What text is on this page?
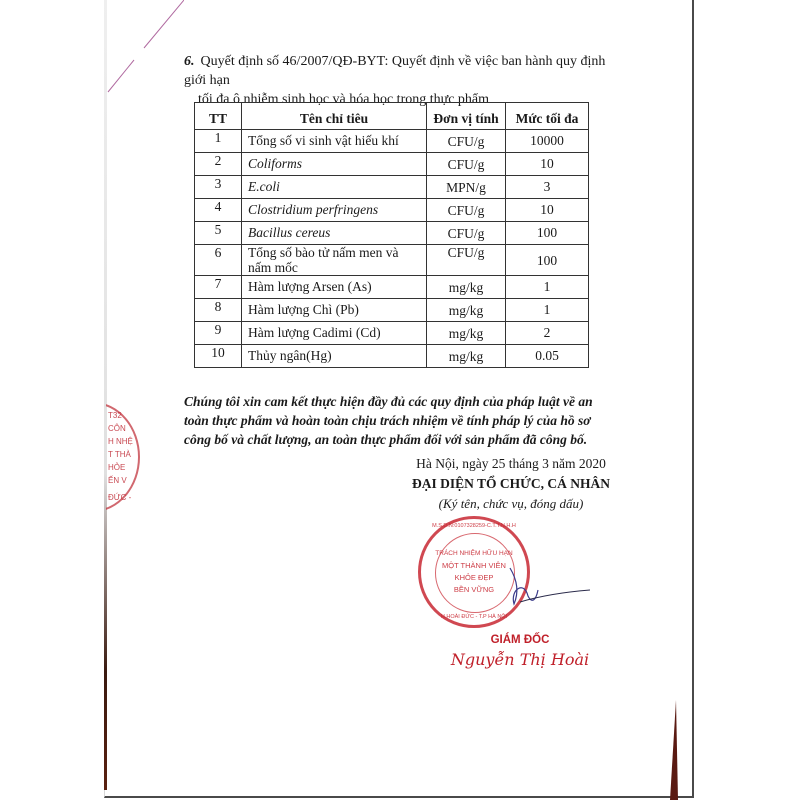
6. Quyết định số 46/2007/QĐ-BYT: Quyết định về việc ban hành quy định giới hạn
tối đa ô nhiễm sinh học và hóa học trong thực phẩm
TT	Tên chỉ tiêu	Đơn vị tính	Mức tối đa
1	Tổng số vi sinh vật hiếu khí	CFU/g	10000

2	Coliforms	CFU/g	10

3	E.coli	MPN/g	3

4	Clostridium perfringens	CFU/g	10

5	Bacillus cereus	CFU/g	100

6	Tổng số bào tử nấm men và nấm mốc	CFU/g	100

7	Hàm lượng Arsen (As)	mg/kg	1

8	Hàm lượng Chì (Pb)	mg/kg	1

9	Hàm lượng Cadimi (Cd)	mg/kg	2

10	Thủy ngân(Hg)	mg/kg	0.05
Chúng tôi xin cam kết thực hiện đầy đủ các quy định của pháp luật về an toàn thực phẩm và hoàn toàn chịu trách nhiệm về tính pháp lý của hồ sơ công bố và chất lượng, an toàn thực phẩm đối với sản phẩm đã công bố.
Hà Nội, ngày 25 tháng 3 năm 2020
ĐẠI DIỆN TỔ CHỨC, CÁ NHÂN
(Ký tên, chức vụ, đóng dấu)
M.S.D.N:0107328259-C.T.T.N.H.H
TRÁCH NHIỆM HỮU HẠN
MỘT THÀNH VIÊN
KHỎE ĐẸP
BỀN VỮNG
H.HOÀI ĐỨC - T.P HÀ NỘI
GIÁM ĐỐC
Nguyễn Thị Hoài
T32
CÔN
H NHỆ
T THÀ
HỎE
ẾN V
ĐỨC -
